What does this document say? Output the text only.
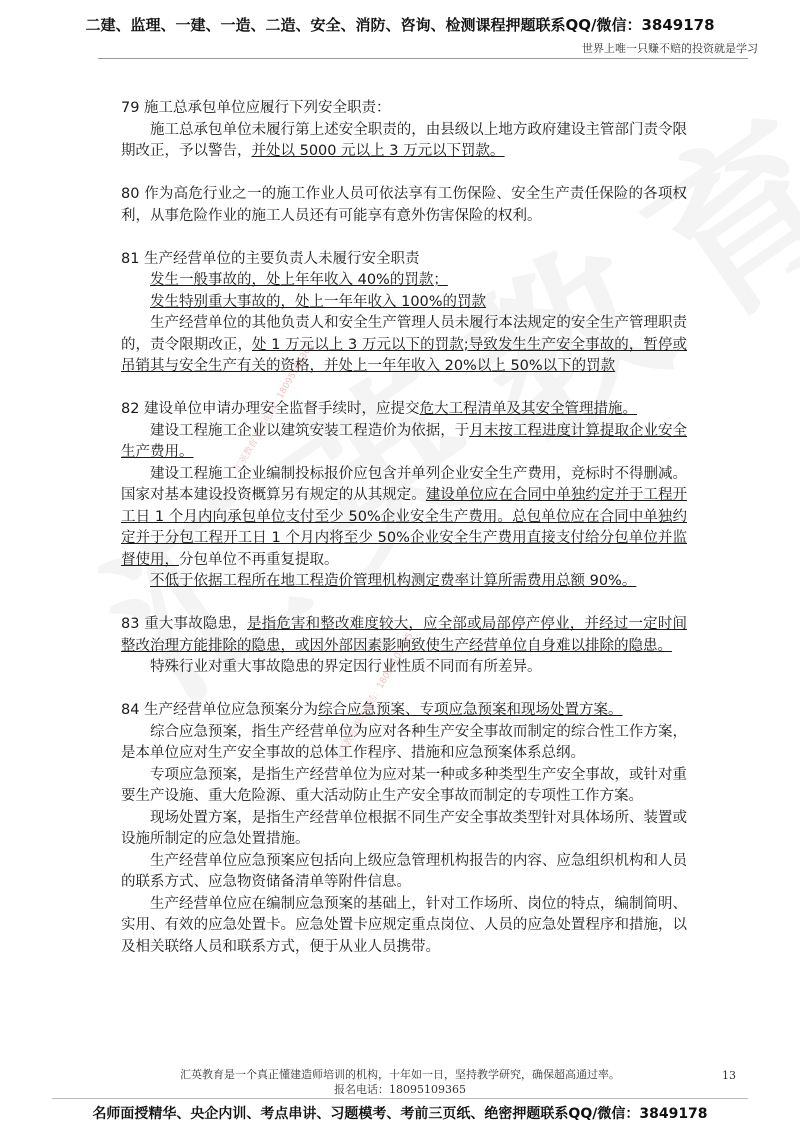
二建、监理、一建、一造、二造、安全、消防、咨询、检测课程押题联系QQ/微信：3849178
世界上唯一只赚不赔的投资就是学习
汇英教育 报名电话：18095109365
汇英教育 报名电话：18095109365

79 施工总承包单位应履行下列安全职责：

施工总承包单位未履行第上述安全职责的，由县级以上地方政府建设主管部门责令限期改正，予以警告，并处以 5000 元以上 3 万元以下罚款。

80 作为高危行业之一的施工作业人员可依法享有工伤保险、安全生产责任保险的各项权利，从事危险作业的施工人员还有可能享有意外伤害保险的权利。

81 生产经营单位的主要负责人未履行安全职责

发生一般事故的，处上年年收入 40%的罚款；

发生特别重大事故的，处上一年年收入 100%的罚款

生产经营单位的其他负责人和安全生产管理人员未履行本法规定的安全生产管理职责的，责令限期改正，处 1 万元以上 3 万元以下的罚款;导致发生生产安全事故的，暂停或吊销其与安全生产有关的资格，并处上一年年收入 20%以上 50%以下的罚款

82 建设单位申请办理安全监督手续时，应提交危大工程清单及其安全管理措施。

建设工程施工企业以建筑安装工程造价为依据，于月末按工程进度计算提取企业安全生产费用。

建设工程施工企业编制投标报价应包含并单列企业安全生产费用，竞标时不得删减。国家对基本建设投资概算另有规定的从其规定。建设单位应在合同中单独约定并于工程开工日 1 个月内向承包单位支付至少 50%企业安全生产费用。总包单位应在合同中单独约定并于分包工程开工日 1 个月内将至少 50%企业安全生产费用直接支付给分包单位并监督使用，分包单位不再重复提取。

不低于依据工程所在地工程造价管理机构测定费率计算所需费用总额 90%。

83 重大事故隐患，是指危害和整改难度较大，应全部或局部停产停业，并经过一定时间整改治理方能排除的隐患，或因外部因素影响致使生产经营单位自身难以排除的隐患。

特殊行业对重大事故隐患的界定因行业性质不同而有所差异。

84 生产经营单位应急预案分为综合应急预案、专项应急预案和现场处置方案。

综合应急预案，指生产经营单位为应对各种生产安全事故而制定的综合性工作方案，是本单位应对生产安全事故的总体工作程序、措施和应急预案体系总纲。

专项应急预案，是指生产经营单位为应对某一种或多种类型生产安全事故，或针对重要生产设施、重大危险源、重大活动防止生产安全事故而制定的专项性工作方案。

现场处置方案，是指生产经营单位根据不同生产安全事故类型针对具体场所、装置或设施所制定的应急处置措施。

生产经营单位应急预案应包括向上级应急管理机构报告的内容、应急组织机构和人员的联系方式、应急物资储备清单等附件信息。

生产经营单位应在编制应急预案的基础上，针对工作场所、岗位的特点，编制简明、实用、有效的应急处置卡。应急处置卡应规定重点岗位、人员的应急处置程序和措施，以及相关联络人员和联系方式，便于从业人员携带。

汇英教育是一个真正懂建造师培训的机构，十年如一日，坚持教学研究，确保超高通过率。
报名电话：18095109365
13
名师面授精华、央企内训、考点串讲、习题模考、考前三页纸、绝密押题联系QQ/微信：3849178
